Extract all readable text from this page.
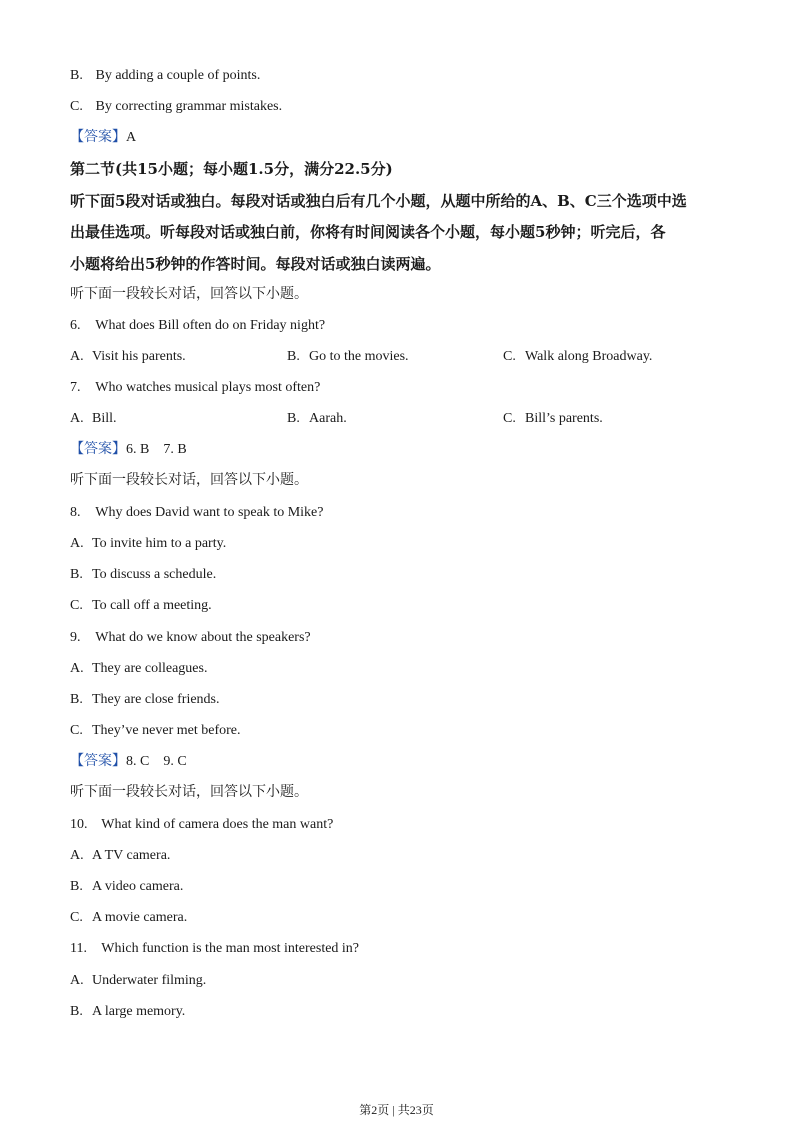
B. By adding a couple of points.
C. By correcting grammar mistakes.
【答案】A
第二节(共15小题；每小题1.5分，满分22.5分)
听下面5段对话或独白。每段对话或独白后有几个小题，从题中所给的A、B、C三个选项中选
出最佳选项。听每段对话或独白前，你将有时间阅读各个小题，每小题5秒钟；听完后，各
小题将给出5秒钟的作答时间。每段对话或独白读两遍。
听下面一段较长对话，回答以下小题。
6. What does Bill often do on Friday night?
A. Visit his parents.	B. Go to the movies.	C. Walk along Broadway.
7. Who watches musical plays most often?
A. Bill.	B. Aarah.	C. Bill’s parents.
【答案】6. B    7. B
听下面一段较长对话，回答以下小题。
8. Why does David want to speak to Mike?
A. To invite him to a party.
B. To discuss a schedule.
C. To call off a meeting.
9. What do we know about the speakers?
A. They are colleagues.
B. They are close friends.
C. They’ve never met before.
【答案】8. C    9. C
听下面一段较长对话，回答以下小题。
10. What kind of camera does the man want?
A. A TV camera.
B. A video camera.
C. A movie camera.
11. Which function is the man most interested in?
A. Underwater filming.
B. A large memory.
第2页 | 共23页
